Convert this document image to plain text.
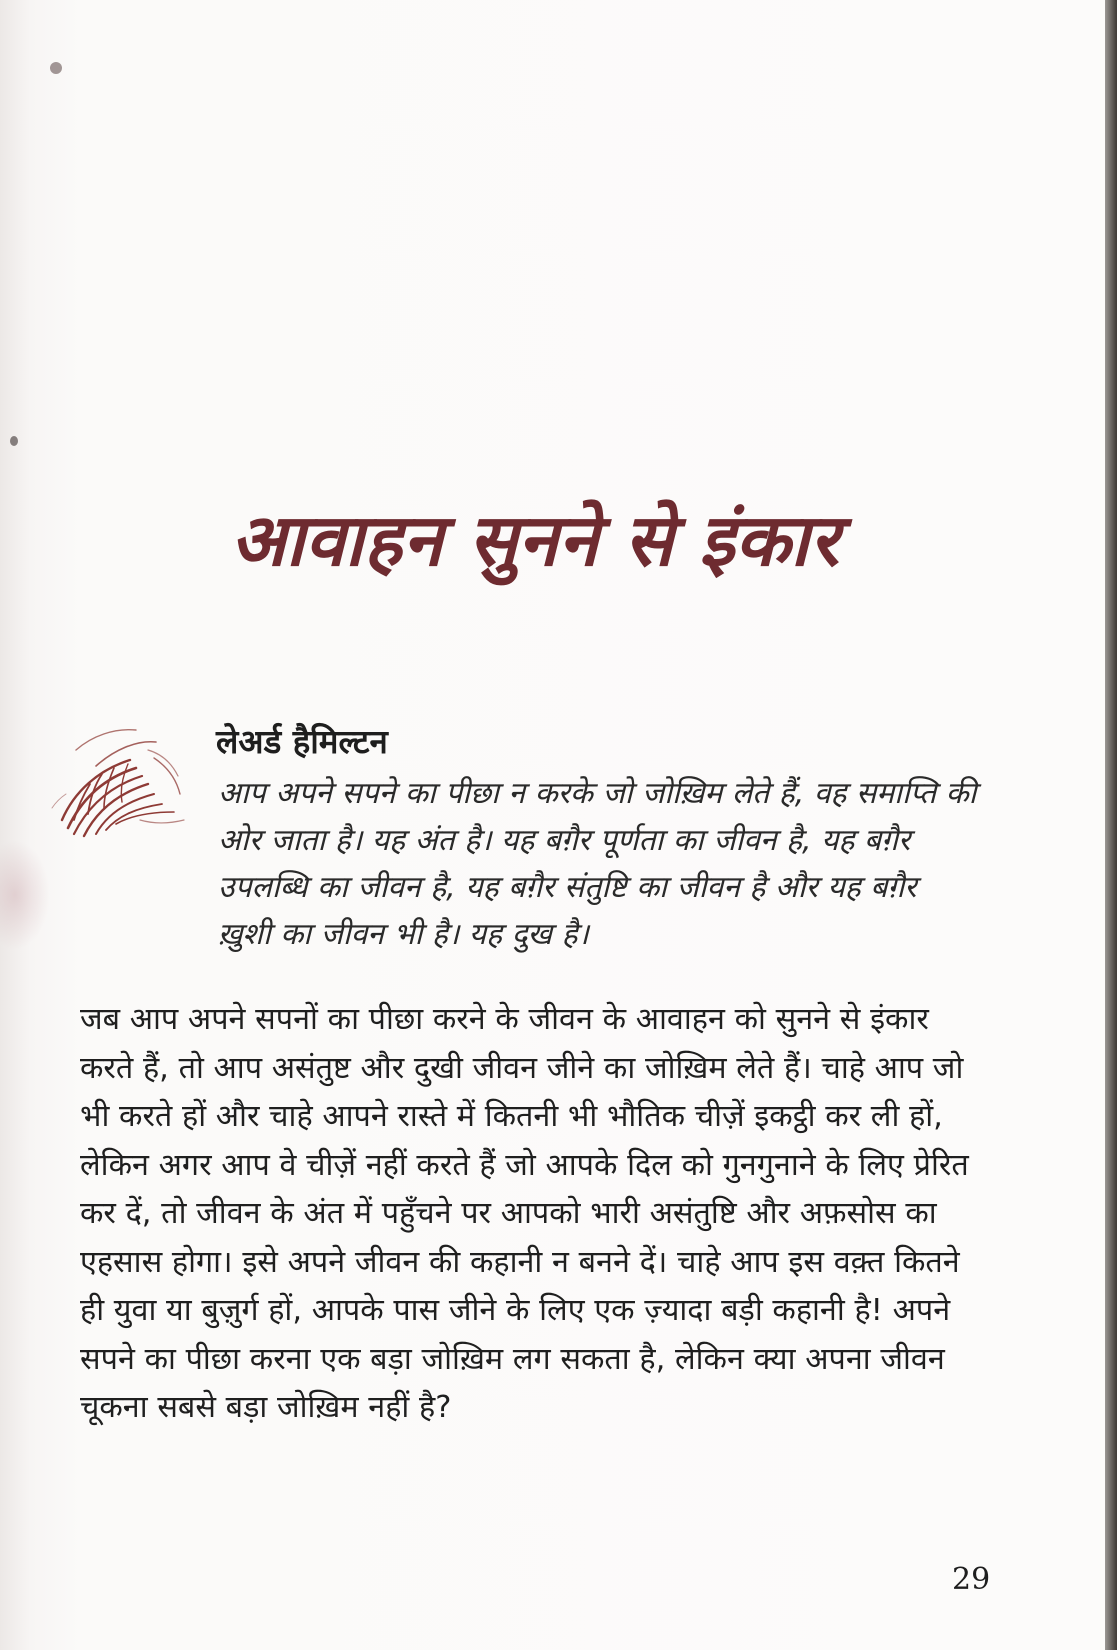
आवाहन सुनने से इंकार
लेअर्ड हैमिल्टन

आप अपने सपने का पीछा न करके जो जोख़िम लेते हैं, वह समाप्ति की ओर जाता है। यह अंत है। यह बग़ैर पूर्णता का जीवन है, यह बग़ैर उपलब्धि का जीवन है, यह बग़ैर संतुष्टि का जीवन है और यह बग़ैर ख़ुशी का जीवन भी है। यह दुख है।

जब आप अपने सपनों का पीछा करने के जीवन के आवाहन को सुनने से इंकार करते हैं, तो आप असंतुष्ट और दुखी जीवन जीने का जोख़िम लेते हैं। चाहे आप जो भी करते हों और चाहे आपने रास्ते में कितनी भी भौतिक चीज़ें इकट्ठी कर ली हों, लेकिन अगर आप वे चीज़ें नहीं करते हैं जो आपके दिल को गुनगुनाने के लिए प्रेरित कर दें, तो जीवन के अंत में पहुँचने पर आपको भारी असंतुष्टि और अफ़सोस का एहसास होगा। इसे अपने जीवन की कहानी न बनने दें। चाहे आप इस वक़्त कितने ही युवा या बुज़ुर्ग हों, आपके पास जीने के लिए एक ज़्यादा बड़ी कहानी है! अपने सपने का पीछा करना एक बड़ा जोख़िम लग सकता है, लेकिन क्या अपना जीवन चूकना सबसे बड़ा जोख़िम नहीं है?

29
